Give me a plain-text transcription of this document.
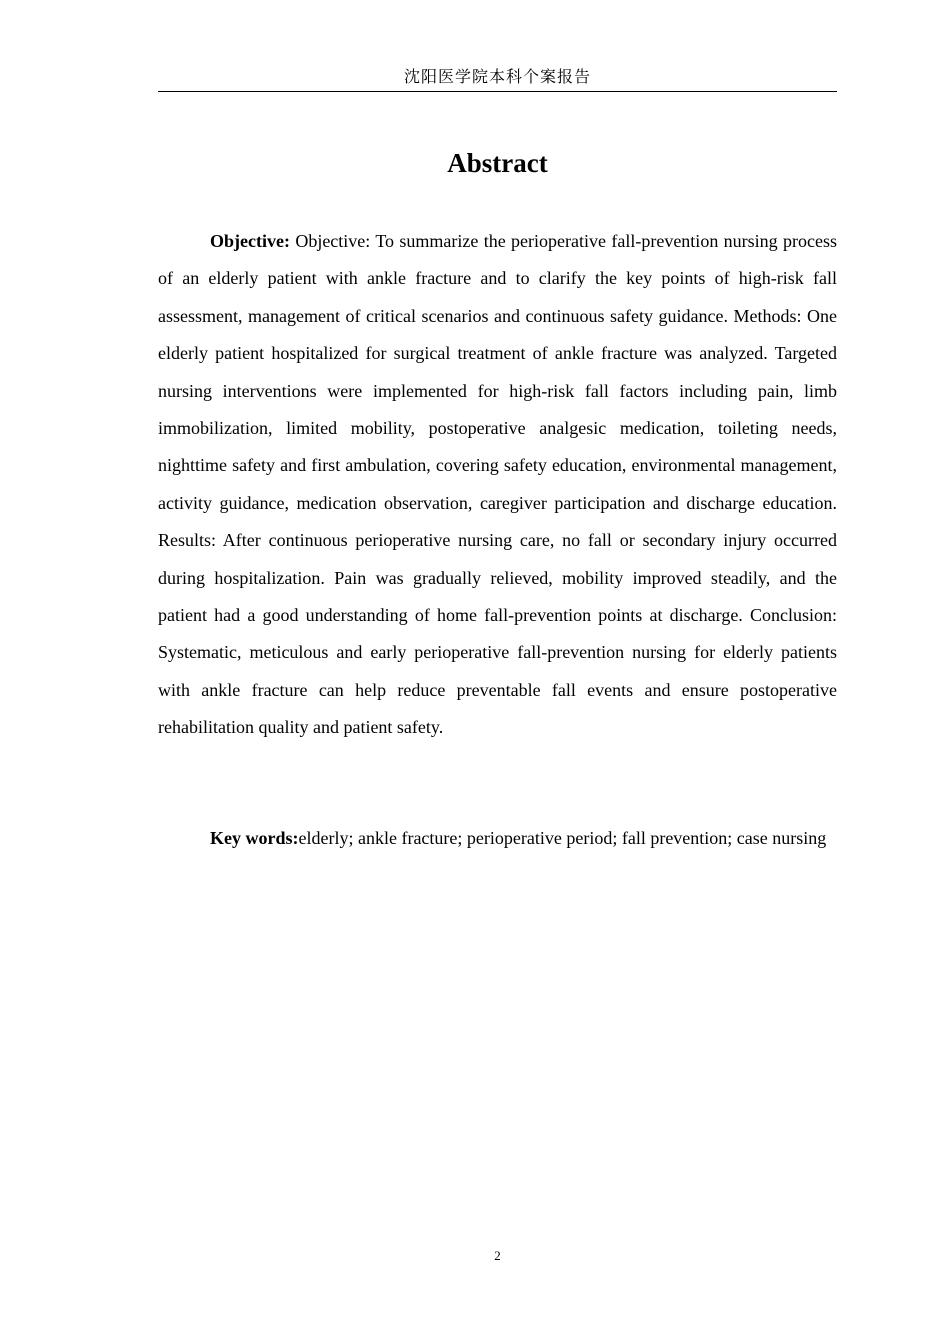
沈阳医学院本科个案报告
Abstract

Objective: Objective: To summarize the perioperative fall-prevention nursing process of an elderly patient with ankle fracture and to clarify the key points of high-risk fall assessment, management of critical scenarios and continuous safety guidance. Methods: One elderly patient hospitalized for surgical treatment of ankle fracture was analyzed. Targeted nursing interventions were implemented for high-risk fall factors including pain, limb immobilization, limited mobility, postoperative analgesic medication, toileting needs, nighttime safety and first ambulation, covering safety education, environmental management, activity guidance, medication observation, caregiver participation and discharge education. Results: After continuous perioperative nursing care, no fall or secondary injury occurred during hospitalization. Pain was gradually relieved, mobility improved steadily, and the patient had a good understanding of home fall-prevention points at discharge. Conclusion: Systematic, meticulous and early perioperative fall-prevention nursing for elderly patients with ankle fracture can help reduce preventable fall events and ensure postoperative rehabilitation quality and patient safety.

Key words:elderly; ankle fracture; perioperative period; fall prevention; case nursing

2
